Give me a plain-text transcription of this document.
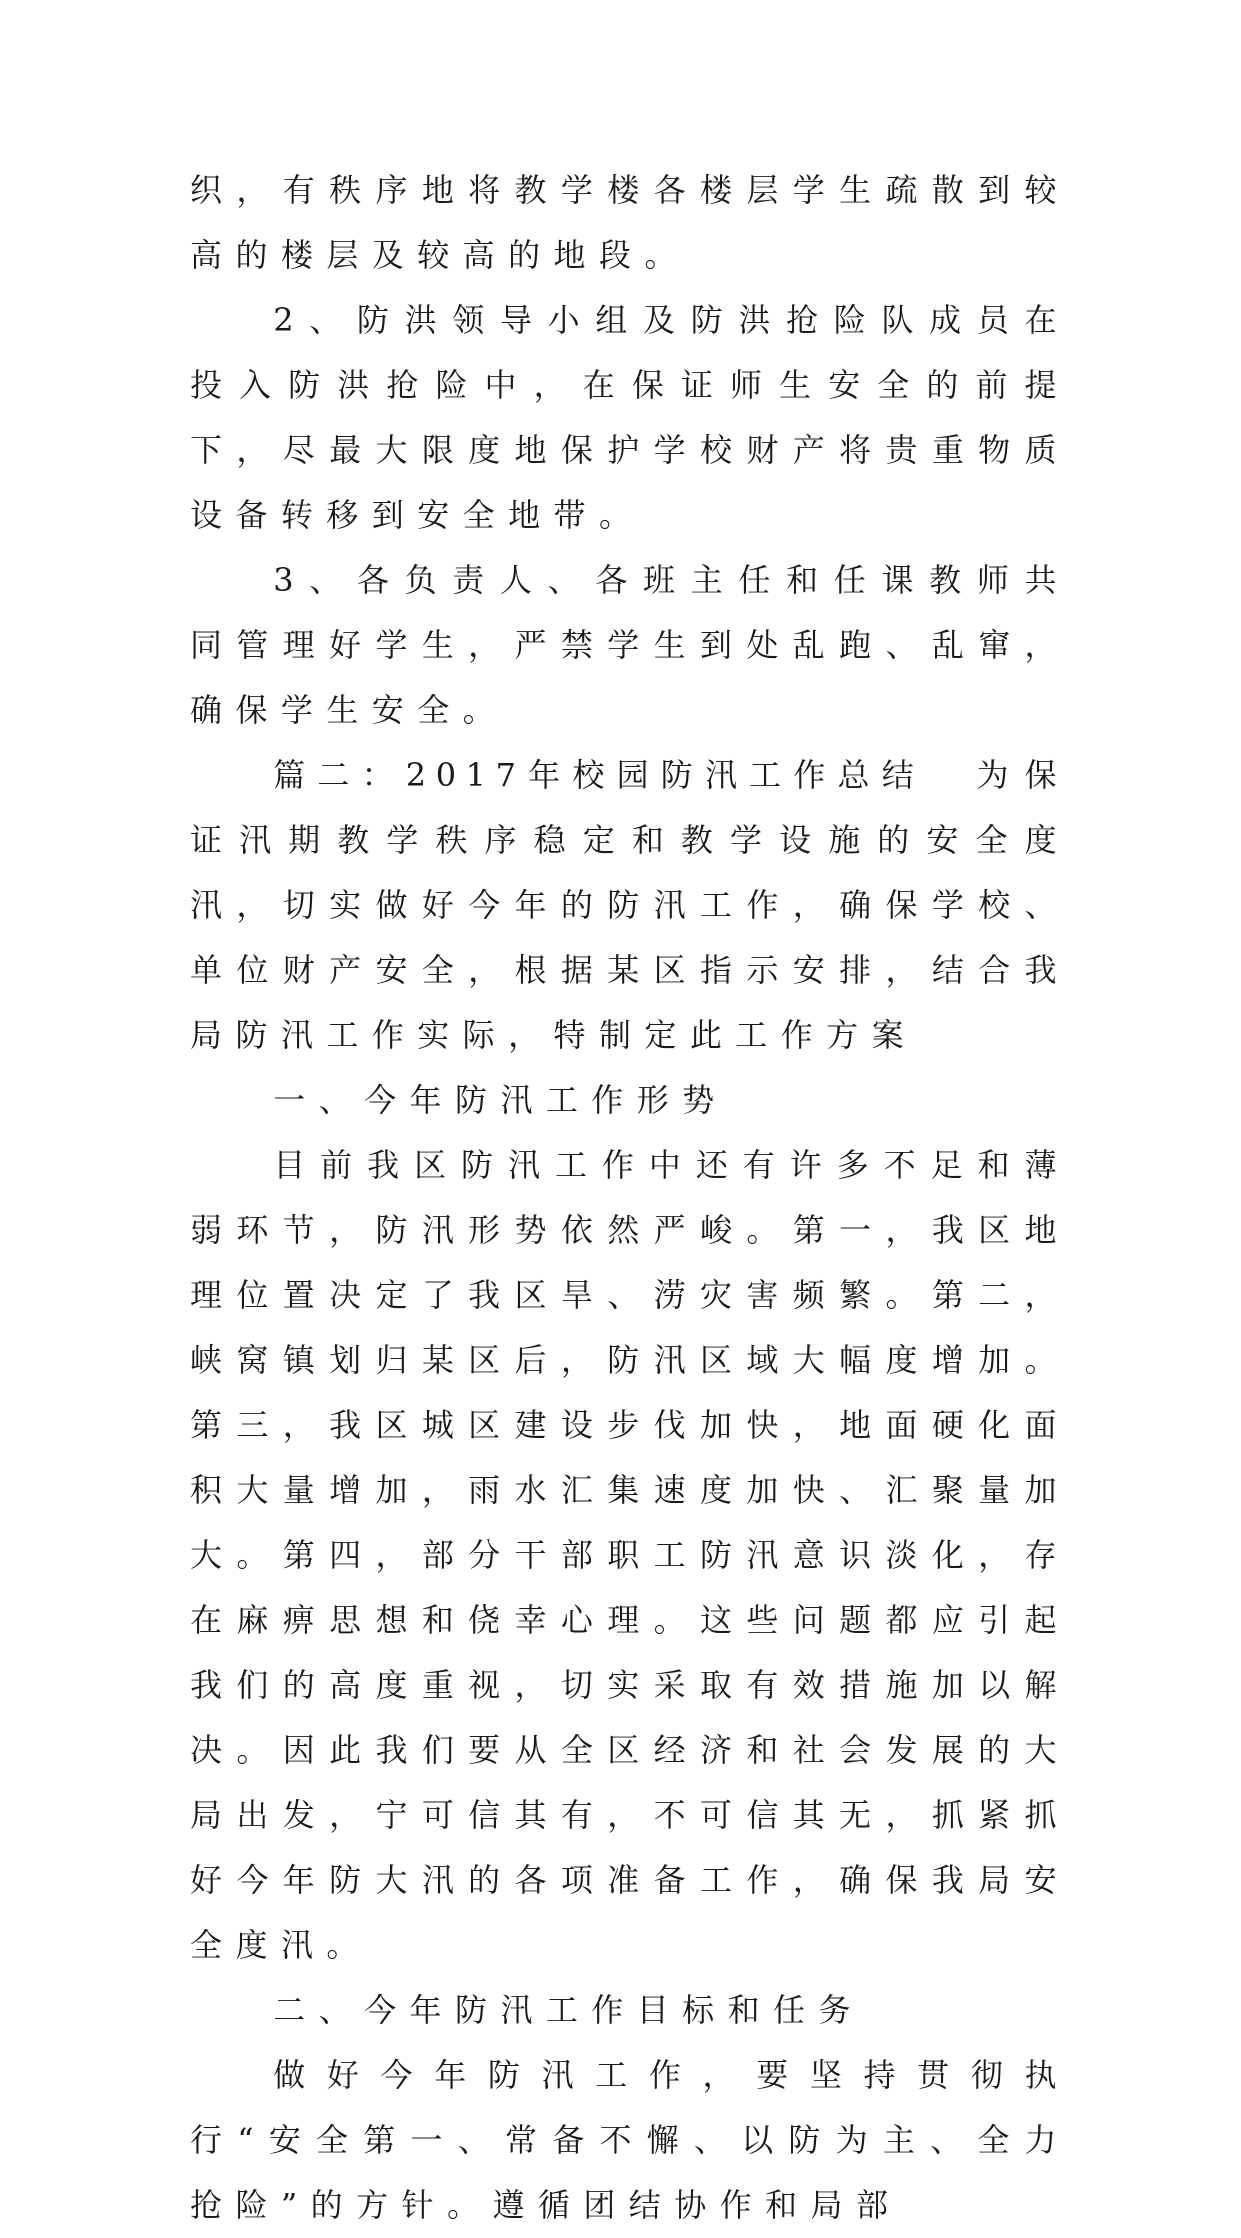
织，有秩序地将教学楼各楼层学生疏散到较高的楼层及较高的地段。

2、防洪领导小组及防洪抢险队成员在投入防洪抢险中，在保证师生安全的前提下，尽最大限度地保护学校财产将贵重物质设备转移到安全地带。

3、各负责人、各班主任和任课教师共同管理好学生，严禁学生到处乱跑、乱窜，确保学生安全。

篇二：2017年校园防汛工作总结 为保证汛期教学秩序稳定和教学设施的安全度汛，切实做好今年的防汛工作，确保学校、单位财产安全，根据某区指示安排，结合我局防汛工作实际，特制定此工作方案

一、今年防汛工作形势

目前我区防汛工作中还有许多不足和薄弱环节，防汛形势依然严峻。第一，我区地理位置决定了我区旱、涝灾害频繁。第二，峡窝镇划归某区后，防汛区域大幅度增加。第三，我区城区建设步伐加快，地面硬化面积大量增加，雨水汇集速度加快、汇聚量加大。第四，部分干部职工防汛意识淡化，存在麻痹思想和侥幸心理。这些问题都应引起我们的高度重视，切实采取有效措施加以解决。因此我们要从全区经济和社会发展的大局出发，宁可信其有，不可信其无，抓紧抓好今年防大汛的各项准备工作，确保我局安全度汛。

二、今年防汛工作目标和任务

做好今年防汛工作，要坚持贯彻执行“安全第一、常备不懈、以防为主、全力抢险”的方针。遵循团结协作和局部
